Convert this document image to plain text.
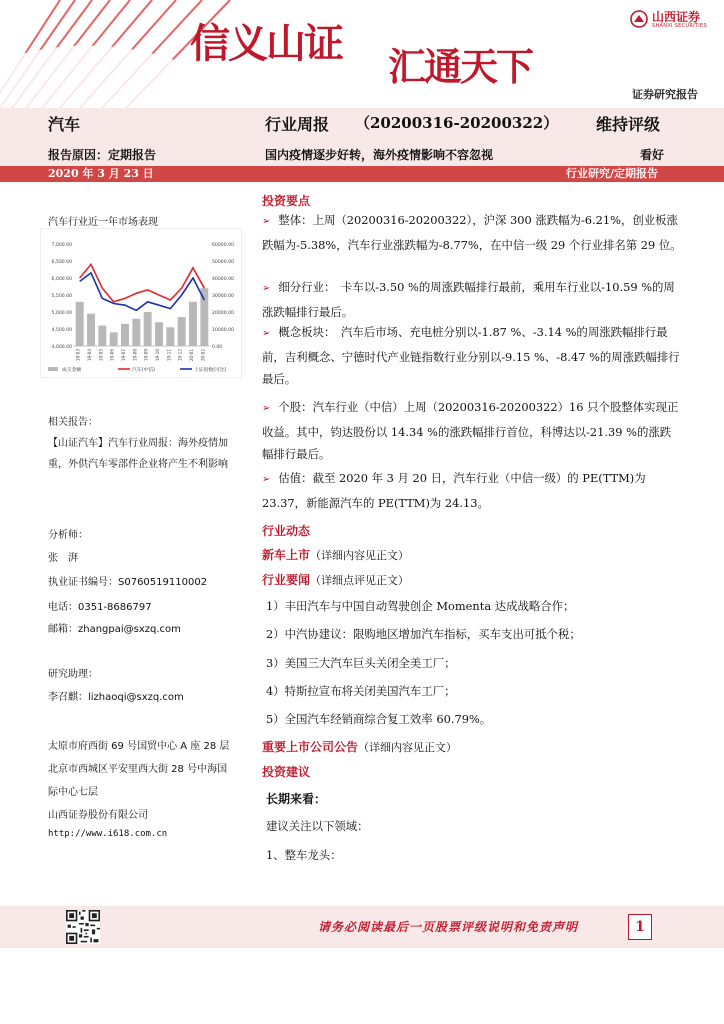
信义山证 汇通天下
山西证券
SHANXI SECURITIES
证券研究报告
汽车	行业周报 （20200316-20200322） 维持评级
报告原因：定期报告	国内疫情逐步好转，海外疫情影响不容忽视	看好
2020 年 3 月 23 日	行业研究/定期报告
汽车行业近一年市场表现
7,000.00
6,500.00
6,000.00
5,500.00
5,000.00
4,500.00
4,000.00
60000.00
50000.00
40000.00
30000.00
20000.00
10000.00
0.00
19-03 19-04 19-05 19-06 19-07 19-08 19-09 19-10 19-11 19-12 20-01 20-02
成交金额	汽车(中信)	上证指数(可比)
相关报告：
【山证汽车】汽车行业周报：海外疫情加重，外供汽车零部件企业将产生不利影响
分析师：
张　湃
执业证书编号：S0760519110002
电话：0351-8686797
邮箱：zhangpai@sxzq.com
研究助理：
李召麒：lizhaoqi@sxzq.com
太原市府西街 69 号国贸中心 A 座 28 层
北京市西城区平安里西大街 28 号中海国
际中心七层
山西证券股份有限公司
http://www.i618.com.cn
投资要点
➢ 整体：上周（20200316-20200322），沪深 300 涨跌幅为-6.21%，创业板涨跌幅为-5.38%，汽车行业涨跌幅为-8.77%，在中信一级 29 个行业排名第 29 位。
➢ 细分行业：　卡车以-3.50 %的周涨跌幅排行最前，乘用车行业以-10.59 %的周涨跌幅排行最后。
➢ 概念板块：　汽车后市场、充电桩分别以-1.87 %、-3.14 %的周涨跌幅排行最前，吉利概念、宁德时代产业链指数行业分别以-9.15 %、-8.47 %的周涨跌幅排行最后。
➢ 个股：汽车行业（中信）上周（20200316-20200322）16 只个股整体实现正收益。其中，钧达股份以 14.34 %的涨跌幅排行首位，科博达以-21.39 %的涨跌幅排行最后。
➢ 估值：截至 2020 年 3 月 20 日，汽车行业（中信一级）的 PE(TTM)为23.37，新能源汽车的 PE(TTM)为 24.13。
行业动态
新车上市（详细内容见正文）
行业要闻（详细点评见正文）
1）丰田汽车与中国自动驾驶创企 Momenta 达成战略合作；
2）中汽协建议：限购地区增加汽车指标，买车支出可抵个税；
3）美国三大汽车巨头关闭全美工厂；
4）特斯拉宣布将关闭美国汽车工厂；
5）全国汽车经销商综合复工效率 60.79%。
重要上市公司公告（详细内容见正文）
投资建议
长期来看：
建议关注以下领域：
1、整车龙头：
请务必阅读最后一页股票评级说明和免责声明	1
